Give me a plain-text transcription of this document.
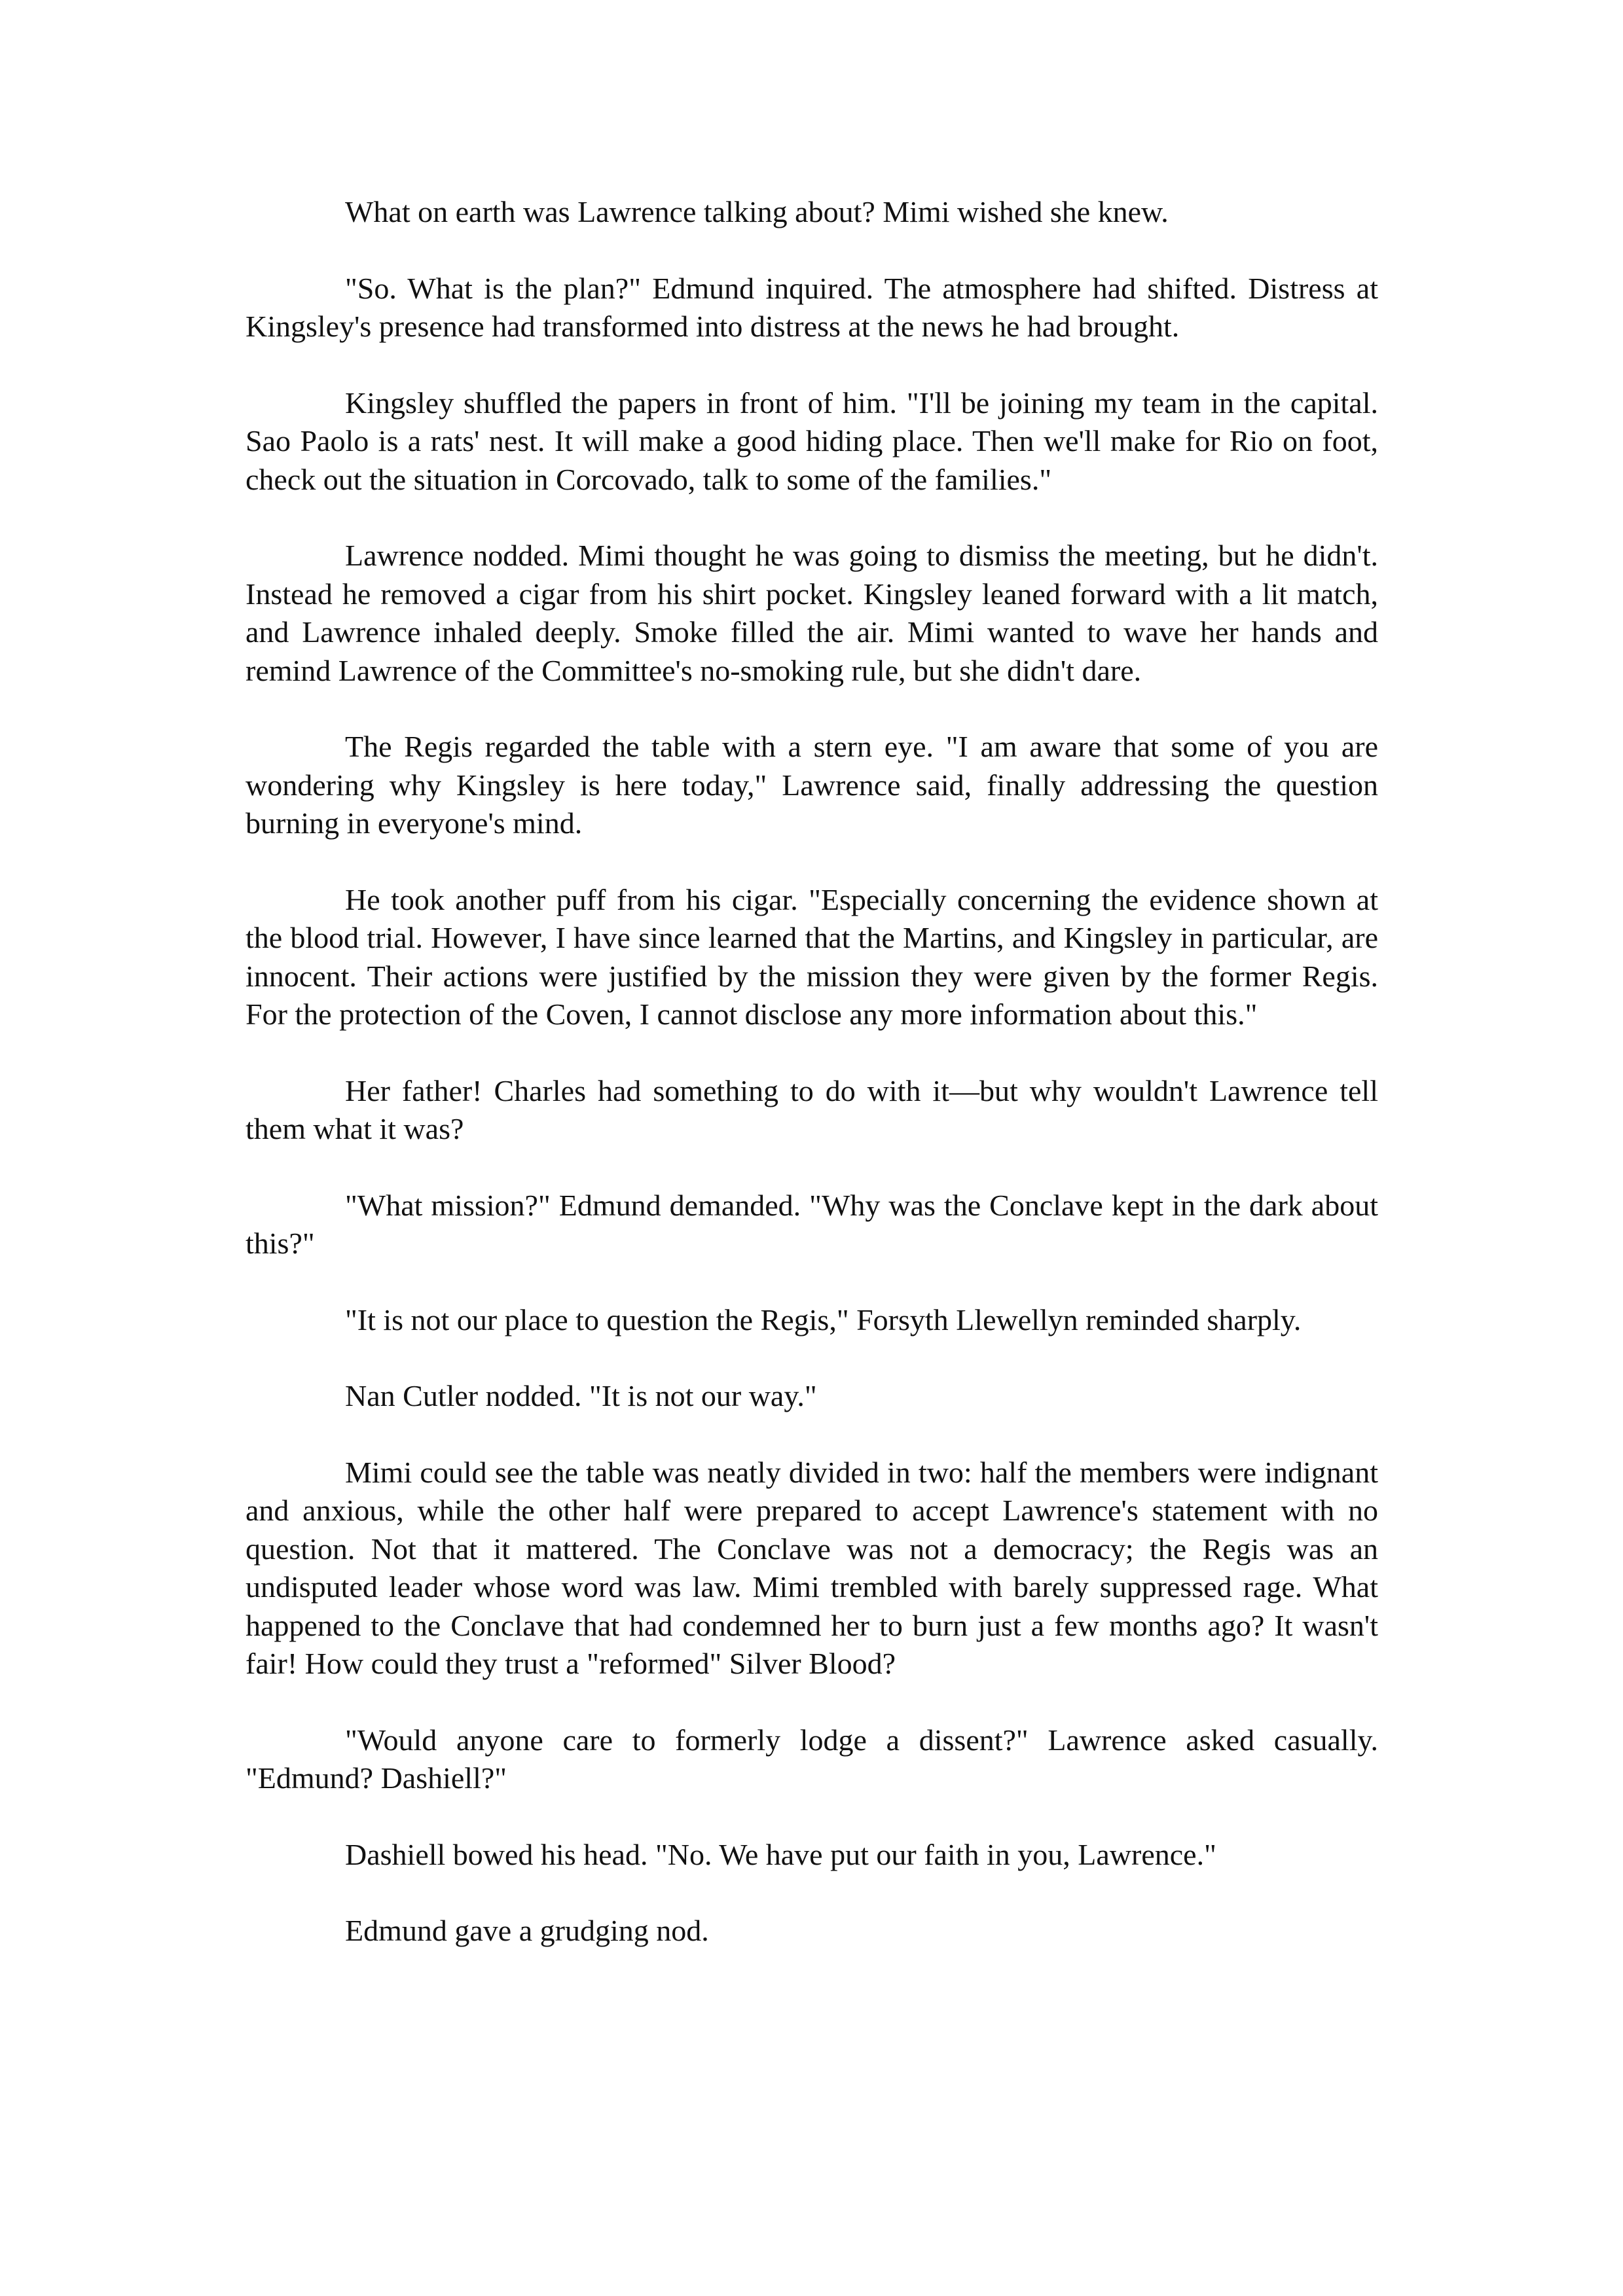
What on earth was Lawrence talking about? Mimi wished she knew.

"So. What is the plan?" Edmund inquired. The atmosphere had shifted. Distress at Kingsley's presence had transformed into distress at the news he had brought.

Kingsley shuffled the papers in front of him. "I'll be joining my team in the capital. Sao Paolo is a rats' nest. It will make a good hiding place. Then we'll make for Rio on foot, check out the situation in Corcovado, talk to some of the families."

Lawrence nodded. Mimi thought he was going to dismiss the meeting, but he didn't. Instead he removed a cigar from his shirt pocket. Kingsley leaned forward with a lit match, and Lawrence inhaled deeply. Smoke filled the air. Mimi wanted to wave her hands and remind Lawrence of the Committee's no-smoking rule, but she didn't dare.

The Regis regarded the table with a stern eye. "I am aware that some of you are wondering why Kingsley is here today," Lawrence said, finally addressing the question burning in everyone's mind.

He took another puff from his cigar. "Especially concerning the evidence shown at the blood trial. However, I have since learned that the Martins, and Kingsley in particular, are innocent. Their actions were justified by the mission they were given by the former Regis. For the protection of the Coven, I cannot disclose any more information about this."

Her father! Charles had something to do with it—but why wouldn't Lawrence tell them what it was?

"What mission?" Edmund demanded. "Why was the Conclave kept in the dark about this?"

"It is not our place to question the Regis," Forsyth Llewellyn reminded sharply.

Nan Cutler nodded. "It is not our way."

Mimi could see the table was neatly divided in two: half the members were indignant and anxious, while the other half were prepared to accept Lawrence's statement with no question. Not that it mattered. The Conclave was not a democracy; the Regis was an undisputed leader whose word was law. Mimi trembled with barely suppressed rage. What happened to the Conclave that had condemned her to burn just a few months ago? It wasn't fair! How could they trust a "reformed" Silver Blood?

"Would anyone care to formerly lodge a dissent?" Lawrence asked casually. "Edmund? Dashiell?"

Dashiell bowed his head. "No. We have put our faith in you, Lawrence."

Edmund gave a grudging nod.
